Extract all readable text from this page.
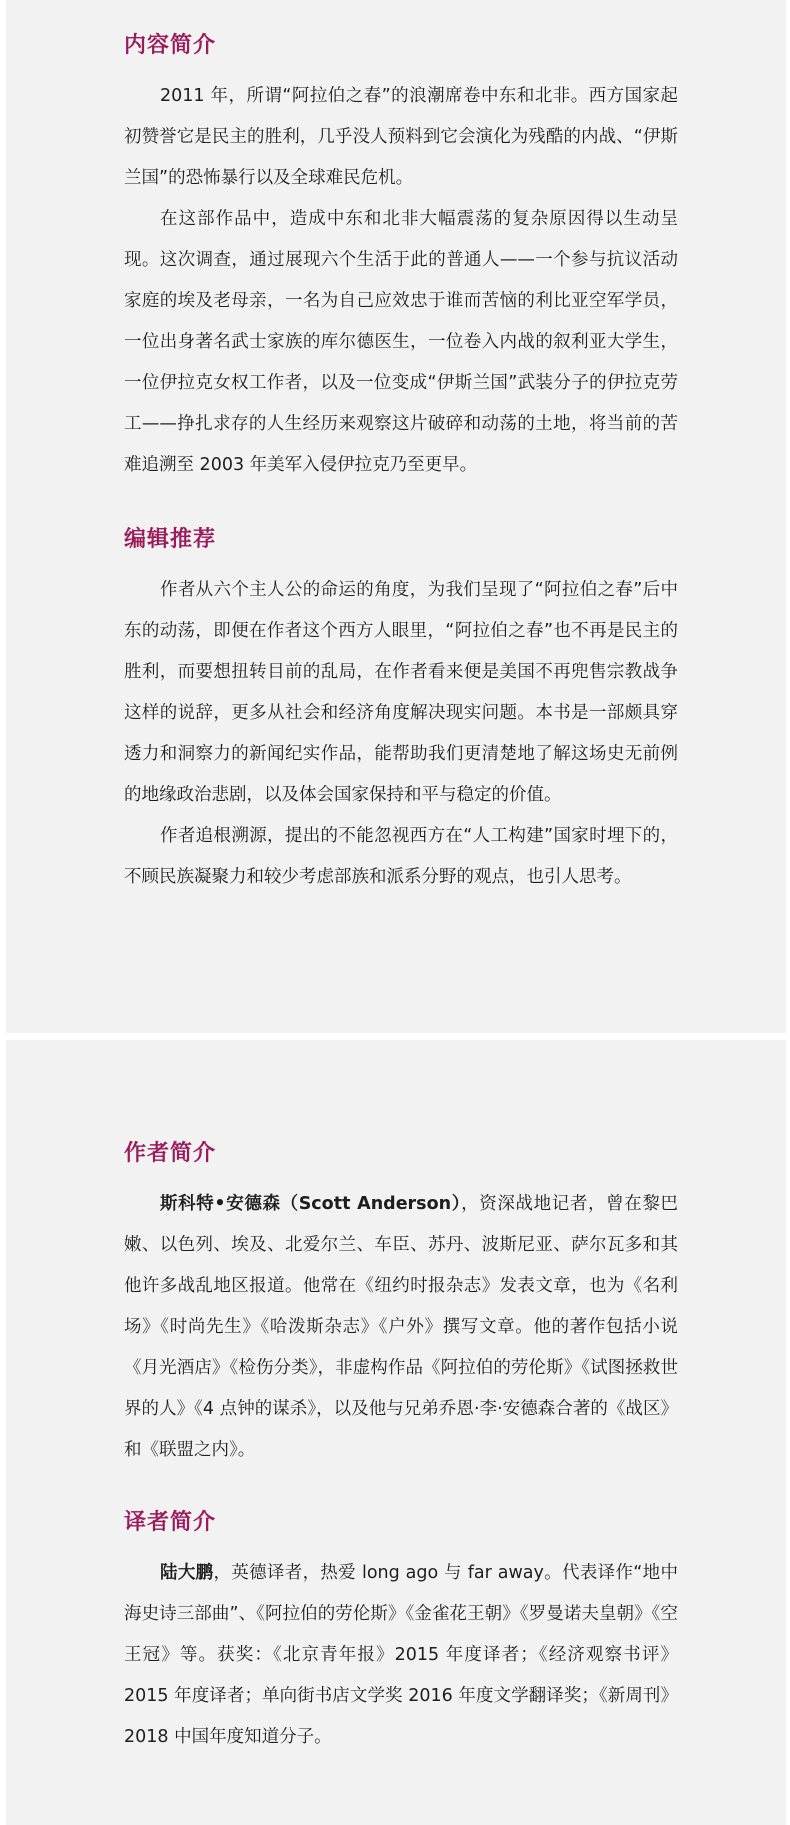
内容简介

2011 年，所谓“阿拉伯之春”的浪潮席卷中东和北非。西方国家起初赞誉它是民主的胜利，几乎没人预料到它会演化为残酷的内战、“伊斯兰国”的恐怖暴行以及全球难民危机。

在这部作品中，造成中东和北非大幅震荡的复杂原因得以生动呈现。这次调查，通过展现六个生活于此的普通人——一个参与抗议活动家庭的埃及老母亲，一名为自己应效忠于谁而苦恼的利比亚空军学员，一位出身著名武士家族的库尔德医生，一位卷入内战的叙利亚大学生，一位伊拉克女权工作者，以及一位变成“伊斯兰国”武装分子的伊拉克劳工——挣扎求存的人生经历来观察这片破碎和动荡的土地，将当前的苦难追溯至 2003 年美军入侵伊拉克乃至更早。

编辑推荐

作者从六个主人公的命运的角度，为我们呈现了“阿拉伯之春”后中东的动荡，即便在作者这个西方人眼里，“阿拉伯之春”也不再是民主的胜利，而要想扭转目前的乱局，在作者看来便是美国不再兜售宗教战争这样的说辞，更多从社会和经济角度解决现实问题。本书是一部颇具穿透力和洞察力的新闻纪实作品，能帮助我们更清楚地了解这场史无前例的地缘政治悲剧，以及体会国家保持和平与稳定的价值。

作者追根溯源，提出的不能忽视西方在“人工构建”国家时埋下的，不顾民族凝聚力和较少考虑部族和派系分野的观点，也引人思考。

作者简介

斯科特•安德森（Scott Anderson），资深战地记者，曾在黎巴嫩、以色列、埃及、北爱尔兰、车臣、苏丹、波斯尼亚、萨尔瓦多和其他许多战乱地区报道。他常在《纽约时报杂志》发表文章，也为《名利场》《时尚先生》《哈泼斯杂志》《户外》撰写文章。他的著作包括小说《月光酒店》《检伤分类》，非虚构作品《阿拉伯的劳伦斯》《试图拯救世界的人》《4 点钟的谋杀》，以及他与兄弟乔恩·李·安德森合著的《战区》和《联盟之内》。

译者简介

陆大鹏，英德译者，热爱 long ago 与 far away。代表译作“地中海史诗三部曲”、《阿拉伯的劳伦斯》《金雀花王朝》《罗曼诺夫皇朝》《空王冠》等。获奖：《北京青年报》2015 年度译者；《经济观察书评》2015 年度译者；单向街书店文学奖 2016 年度文学翻译奖；《新周刊》2018 中国年度知道分子。
